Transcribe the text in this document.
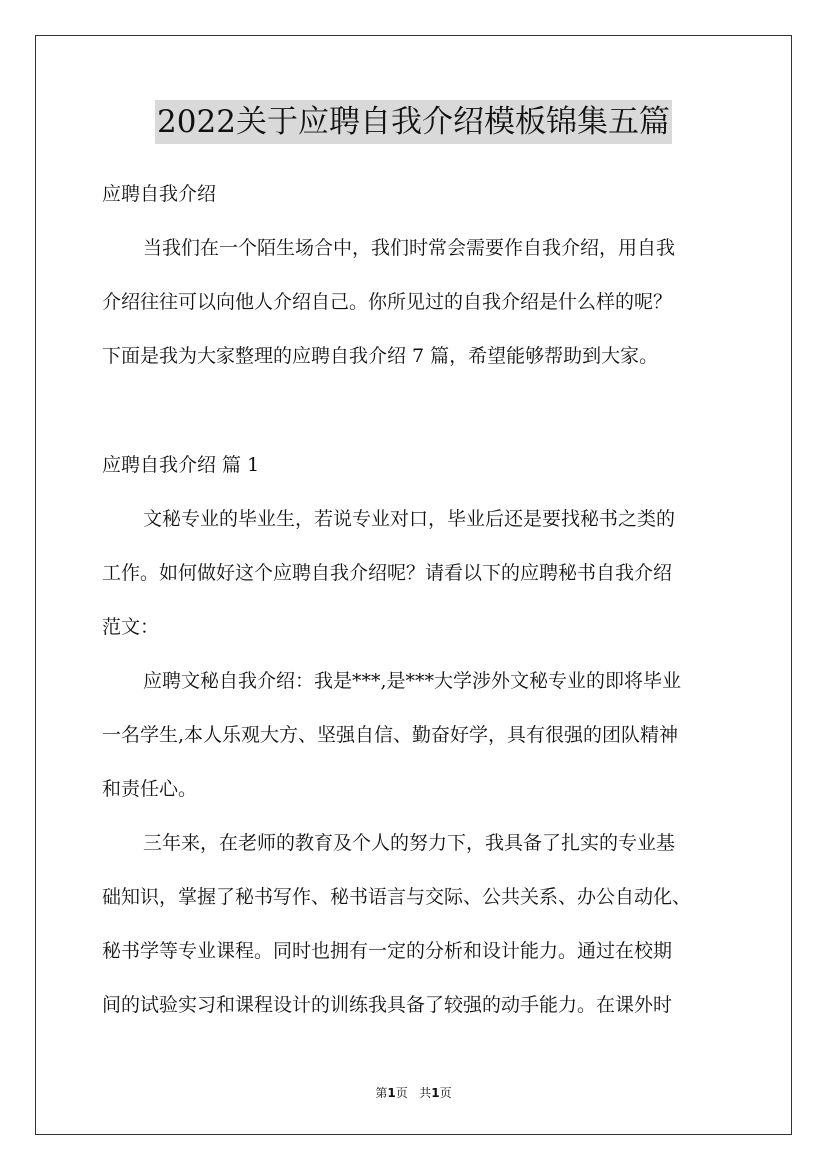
2022关于应聘自我介绍模板锦集五篇
应聘自我介绍
当我们在一个陌生场合中，我们时常会需要作自我介绍，用自我
介绍往往可以向他人介绍自己。你所见过的自我介绍是什么样的呢？
下面是我为大家整理的应聘自我介绍 7 篇，希望能够帮助到大家。
应聘自我介绍 篇 1
文秘专业的毕业生，若说专业对口，毕业后还是要找秘书之类的
工作。如何做好这个应聘自我介绍呢？请看以下的应聘秘书自我介绍
范文：
应聘文秘自我介绍：我是***,是***大学涉外文秘专业的即将毕业
一名学生,本人乐观大方、坚强自信、勤奋好学，具有很强的团队精神
和责任心。
三年来，在老师的教育及个人的努力下，我具备了扎实的专业基
础知识，掌握了秘书写作、秘书语言与交际、公共关系、办公自动化、
秘书学等专业课程。同时也拥有一定的分析和设计能力。通过在校期
间的试验实习和课程设计的训练我具备了较强的动手能力。在课外时
第1页 共1页
